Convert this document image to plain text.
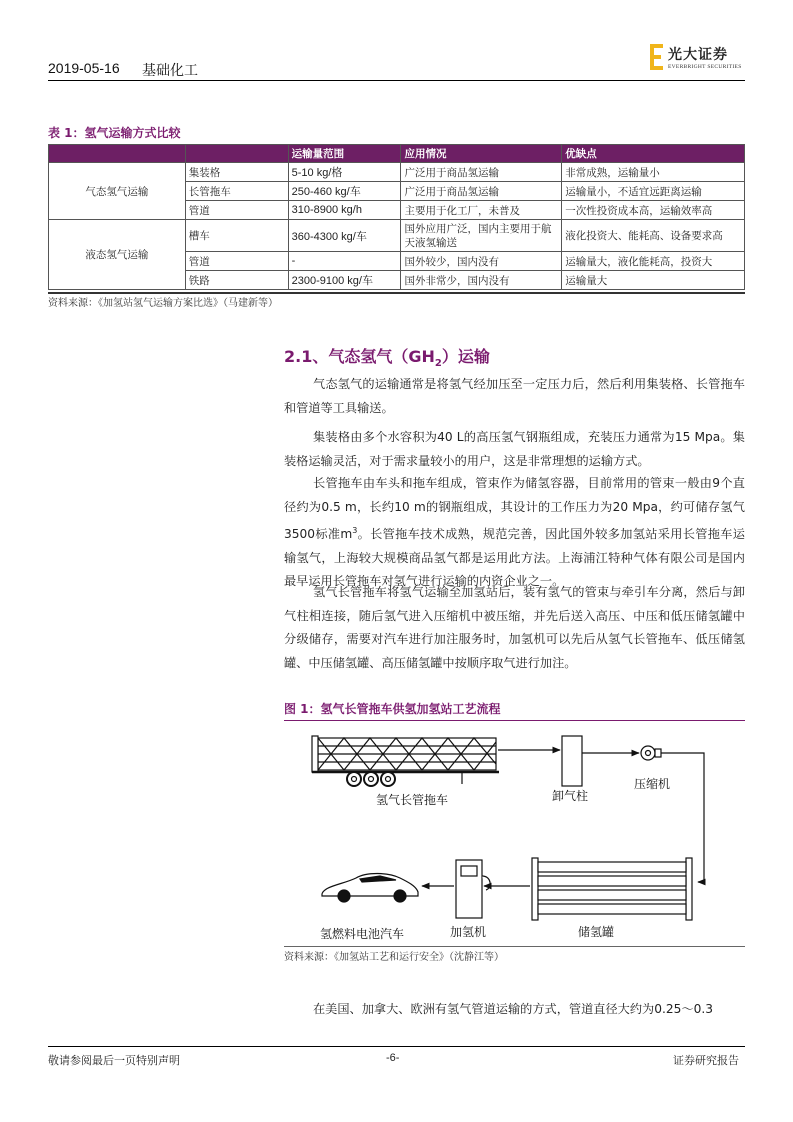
2019-05-16 基础化工
光大证券
EVERBRIGHT SECURITIES
表 1：氢气运输方式比较
		运输量范围	应用情况	优缺点
气态氢气运输	集装格	5-10 kg/格	广泛用于商品氢运输	非常成熟，运输量小
	长管拖车	250-460 kg/车	广泛用于商品氢运输	运输量小，不适宜远距离运输
	管道	310-8900 kg/h	主要用于化工厂，未普及	一次性投资成本高，运输效率高
液态氢气运输	槽车	360-4300 kg/车	国外应用广泛，国内主要用于航天液氢输送	液化投资大、能耗高、设备要求高
	管道	-	国外较少，国内没有	运输量大，液化能耗高，投资大
	铁路	2300-9100 kg/车	国外非常少，国内没有	运输量大
资料来源：《加氢站氢气运输方案比选》（马建新等）
2.1、气态氢气$(GH_2)$运输

气态氢气的运输通常是将氢气经加压至一定压力后，然后利用集装格、长管拖车和管道等工具输送。

集装格由多个水容积为40 L的高压氢气钢瓶组成，充装压力通常为15 Mpa。集装格运输灵活，对于需求量较小的用户，这是非常理想的运输方式。

长管拖车由车头和拖车组成，管束作为储氢容器，目前常用的管束一般由9个直径约为0.5 m，长约10 m的钢瓶组成，其设计的工作压力为20 Mpa，约可储存氢气3500标准$m^3$。长管拖车技术成熟，规范完善，因此国外较多加氢站采用长管拖车运输氢气，上海较大规模商品氢气都是运用此方法。上海浦江特种气体有限公司是国内最早运用长管拖车对氢气进行运输的内资企业之一。

氢气长管拖车将氢气运输至加氢站后，装有氢气的管束与牵引车分离，然后与卸气柱相连接，随后氢气进入压缩机中被压缩，并先后送入高压、中压和低压储氢罐中分级储存，需要对汽车进行加注服务时，加氢机可以先后从氢气长管拖车、低压储氢罐、中压储氢罐、高压储氢罐中按顺序取气进行加注。

图 1：氢气长管拖车供氢加氢站工艺流程
氢气长管拖车	卸气柱
压缩机
储氢罐
加氢机
氢燃料电池汽车
资料来源：《加氢站工艺和运行安全》（沈静江等）

在美国、加拿大、欧洲有氢气管道运输的方式，管道直径大约为0.25～0.3

敬请参阅最后一页特别声明	-6-	证券研究报告
